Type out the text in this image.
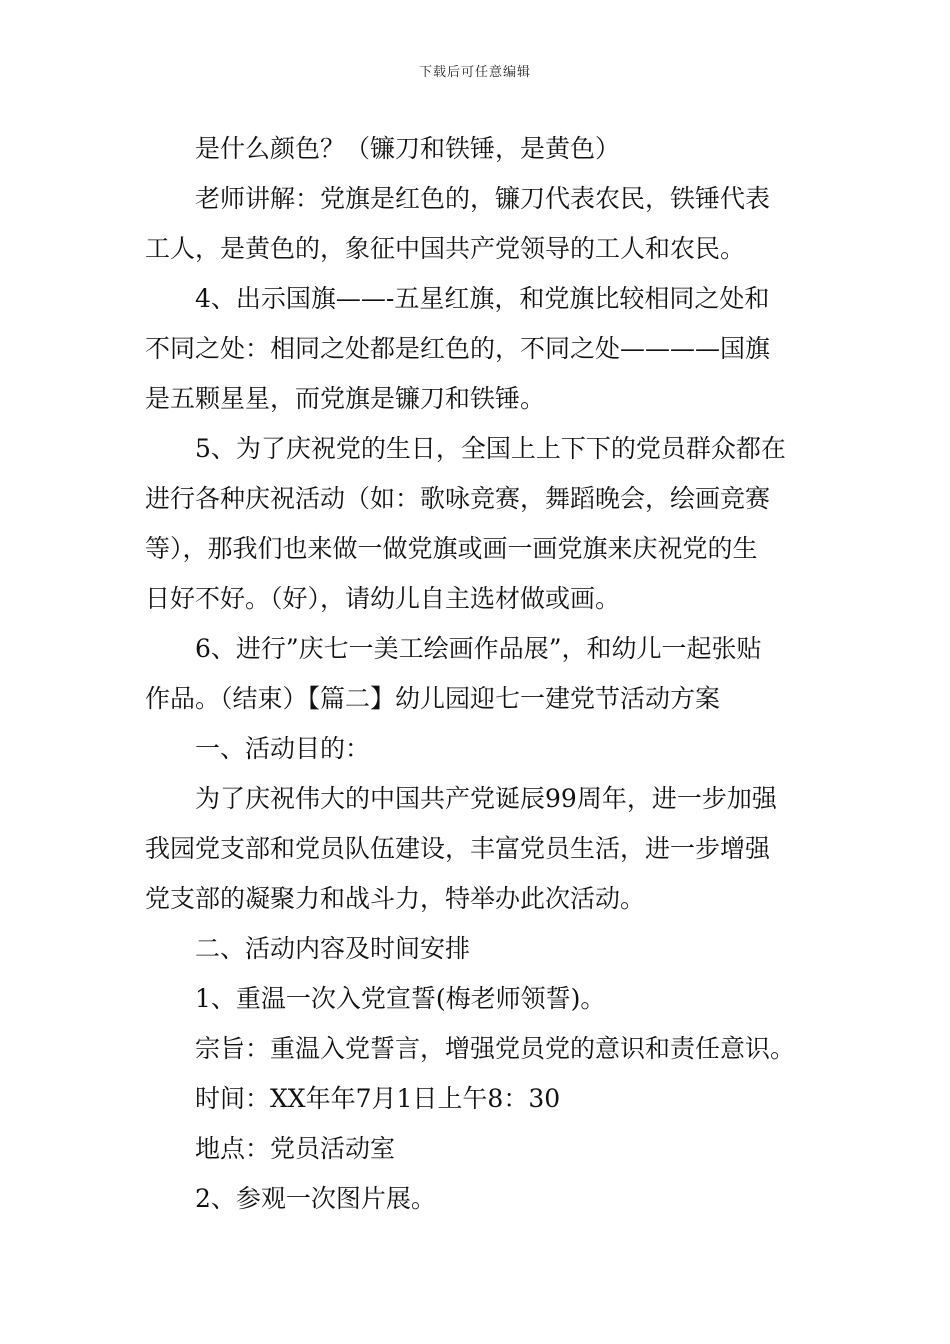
下载后可任意编辑
是什么颜色？（镰刀和铁锤，是黄色）
老师讲解：党旗是红色的，镰刀代表农民，铁锤代表
工人，是黄色的，象征中国共产党领导的工人和农民。
4、出示国旗——-五星红旗，和党旗比较相同之处和
不同之处：相同之处都是红色的，不同之处————国旗
是五颗星星，而党旗是镰刀和铁锤。
5、为了庆祝党的生日，全国上上下下的党员群众都在
进行各种庆祝活动（如：歌咏竞赛，舞蹈晚会，绘画竞赛
等），那我们也来做一做党旗或画一画党旗来庆祝党的生
日好不好。（好），请幼儿自主选材做或画。
6、进行”庆七一美工绘画作品展”，和幼儿一起张贴
作品。（结束）【篇二】幼儿园迎七一建党节活动方案
一、活动目的：
为了庆祝伟大的中国共产党诞辰99周年，进一步加强
我园党支部和党员队伍建设，丰富党员生活，进一步增强
党支部的凝聚力和战斗力，特举办此次活动。
二、活动内容及时间安排
1、重温一次入党宣誓(梅老师领誓)。
宗旨：重温入党誓言，增强党员党的意识和责任意识。
时间：XX年年7月1日上午8：30
地点：党员活动室
2、参观一次图片展。
